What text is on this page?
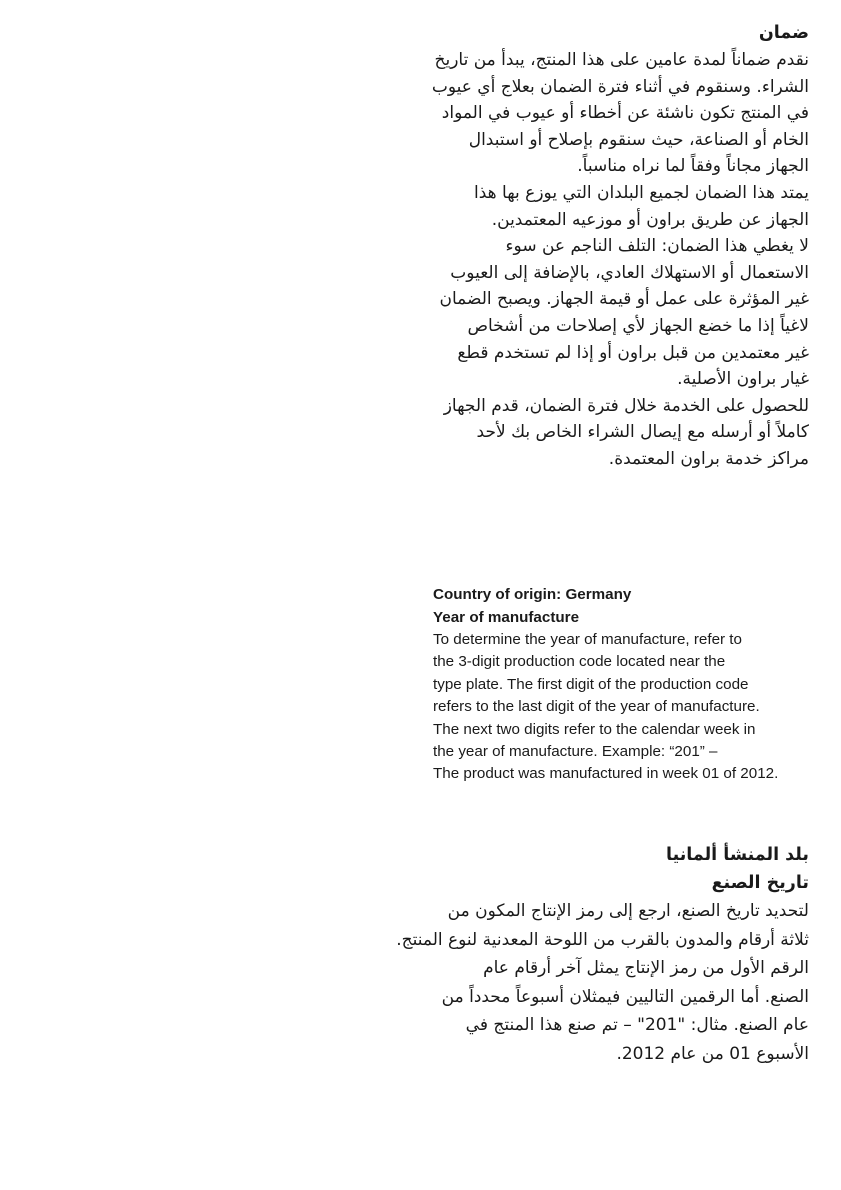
ضمان
نقدم ضماناً لمدة عامين على هذا المنتج، يبدأ من تاريخ
الشراء. وسنقوم في أثناء فترة الضمان بعلاج أي عيوب
في المنتج تكون ناشئة عن أخطاء أو عيوب في المواد
الخام أو الصناعة، حيث سنقوم بإصلاح أو استبدال
الجهاز مجاناً وفقاً لما نراه مناسباً.
يمتد هذا الضمان لجميع البلدان التي يوزع بها هذا
الجهاز عن طريق براون أو موزعيه المعتمدين.
لا يغطي هذا الضمان: التلف الناجم عن سوء
الاستعمال أو الاستهلاك العادي، بالإضافة إلى العيوب
غير المؤثرة على عمل أو قيمة الجهاز. ويصبح الضمان
لاغياً إذا ما خضع الجهاز لأي إصلاحات من أشخاص
غير معتمدين من قبل براون أو إذا لم تستخدم قطع
غيار براون الأصلية.
للحصول على الخدمة خلال فترة الضمان، قدم الجهاز
كاملاً أو أرسله مع إيصال الشراء الخاص بك لأحد
مراكز خدمة براون المعتمدة.
Country of origin: Germany
Year of manufacture
To determine the year of manufacture, refer to
the 3-digit production code located near the
type plate. The first digit of the production code
refers to the last digit of the year of manufacture.
The next two digits refer to the calendar week in
the year of manufacture. Example: “201” –
The product was manufactured in week 01 of 2012.
بلد المنشأ ألمانيا
تاريخ الصنع
لتحديد تاريخ الصنع، ارجع إلى رمز الإنتاج المكون من
ثلاثة أرقام والمدون بالقرب من اللوحة المعدنية لنوع المنتج.
الرقم الأول من رمز الإنتاج يمثل آخر أرقام عام
الصنع. أما الرقمين التاليين فيمثلان أسبوعاً محدداً من
عام الصنع. مثال: "201" – تم صنع هذا المنتج في
الأسبوع 01 من عام 2012.
